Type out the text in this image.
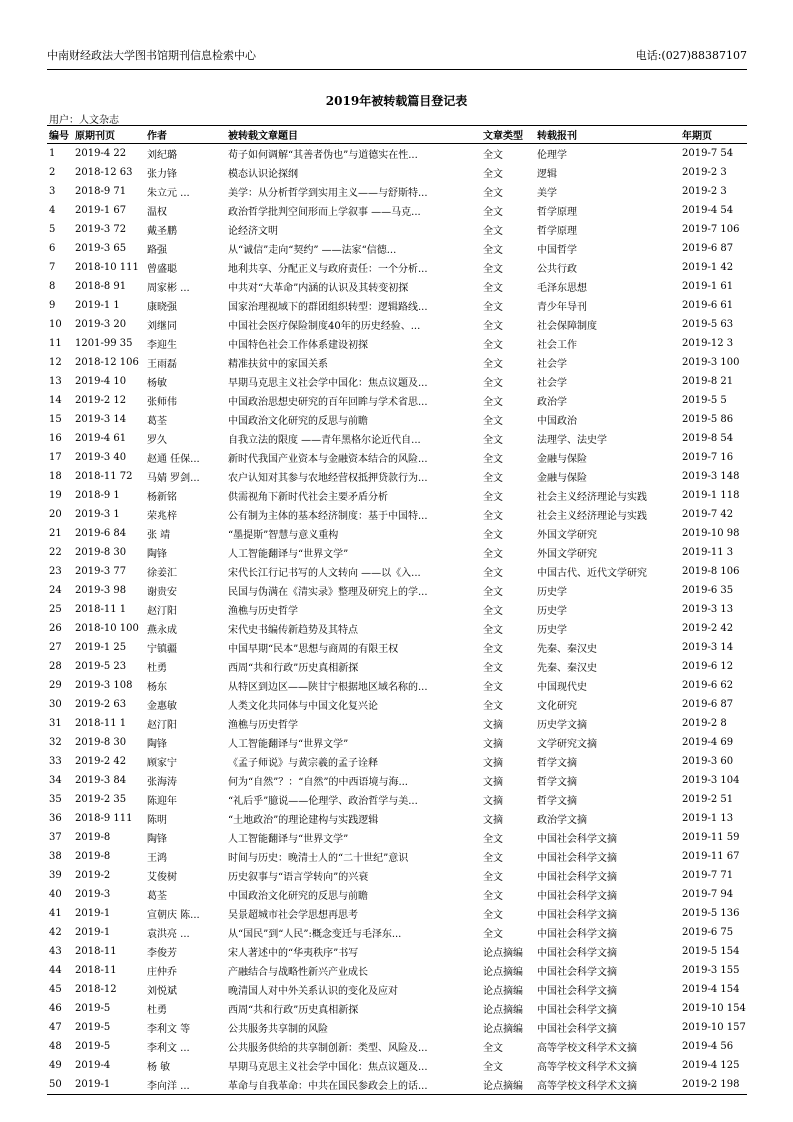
中南财经政法大学图书馆期刊信息检索中心	电话:(027)88387107
2019年被转载篇目登记表
用户：人文杂志
编号	原期刊页	作者	被转载文章题目	文章类型	转载报刊	年期页
1	2019-4 22	刘纪璐	荀子如何调解“其善者伪也”与道德实在性...	全文	伦理学	2019-7 54
2	2018-12 63	张力锋	模态认识论探纲	全文	逻辑	2019-2 3
3	2018-9 71	朱立元 ...	美学：从分析哲学到实用主义——与舒斯特...	全文	美学	2019-2 3
4	2019-1 67	温权	政治哲学批判空间形而上学叙事 ——马克...	全文	哲学原理	2019-4 54
5	2019-3 72	戴圣鹏	论经济文明	全文	哲学原理	2019-7 106
6	2019-3 65	路强	从“诚信”走向“契约” ——法家“信德...	全文	中国哲学	2019-6 87
7	2018-10 111	曾盛聪	地利共享、分配正义与政府责任：一个分析...	全文	公共行政	2019-1 42
8	2018-8 91	周家彬 ...	中共对“大革命”内涵的认识及其转变初探	全文	毛泽东思想	2019-1 61
9	2019-1 1	康晓强	国家治理视域下的群团组织转型：逻辑路线...	全文	青少年导刊	2019-6 61
10	2019-3 20	刘继同	中国社会医疗保险制度40年的历史经验、...	全文	社会保障制度	2019-5 63
11	1201-99 35	李迎生	中国特色社会工作体系建设初探	全文	社会工作	2019-12 3
12	2018-12 106	王雨磊	精准扶贫中的家国关系	全文	社会学	2019-3 100
13	2019-4 10	杨敏	早期马克思主义社会学中国化：焦点议题及...	全文	社会学	2019-8 21
14	2019-2 12	张师伟	中国政治思想史研究的百年回眸与学术省思...	全文	政治学	2019-5 5
15	2019-3 14	葛荃	中国政治文化研究的反思与前瞻	全文	中国政治	2019-5 86
16	2019-4 61	罗久	自我立法的限度 ——青年黑格尔论近代自...	全文	法理学、法史学	2019-8 54
17	2019-3 40	赵通 任保...	新时代我国产业资本与金融资本结合的风险...	全文	金融与保险	2019-7 16
18	2018-11 72	马婧 罗剑...	农户认知对其参与农地经营权抵押贷款行为...	全文	金融与保险	2019-3 148
19	2018-9 1	杨新铭	供需视角下新时代社会主要矛盾分析	全文	社会主义经济理论与实践	2019-1 118
20	2019-3 1	荣兆梓	公有制为主体的基本经济制度：基于中国特...	全文	社会主义经济理论与实践	2019-7 42
21	2019-6 84	张 靖	“墨提斯”智慧与意义重构	全文	外国文学研究	2019-10 98
22	2019-8 30	陶锋	人工智能翻译与“世界文学”	全文	外国文学研究	2019-11 3
23	2019-3 77	徐姜汇	宋代长江行记书写的人文转向 ——以《入...	全文	中国古代、近代文学研究	2019-8 106
24	2019-3 98	谢贵安	民国与伪满在《清实录》整理及研究上的学...	全文	历史学	2019-6 35
25	2018-11 1	赵汀阳	渔樵与历史哲学	全文	历史学	2019-3 13
26	2018-10 100	燕永成	宋代史书编传新趋势及其特点	全文	历史学	2019-2 42
27	2019-1 25	宁镇疆	中国早期“民本”思想与商周的有限王权	全文	先秦、秦汉史	2019-3 14
28	2019-5 23	杜勇	西周“共和行政”历史真相新探	全文	先秦、秦汉史	2019-6 12
29	2019-3 108	杨东	从特区到边区——陕甘宁根据地区域名称的...	全文	中国现代史	2019-6 62
30	2019-2 63	金惠敏	人类文化共同体与中国文化复兴论	全文	文化研究	2019-6 87
31	2018-11 1	赵汀阳	渔樵与历史哲学	文摘	历史学文摘	2019-2 8
32	2019-8 30	陶锋	人工智能翻译与“世界文学”	文摘	文学研究文摘	2019-4 69
33	2019-2 42	顾家宁	《孟子师说》与黄宗羲的孟子诠释	文摘	哲学文摘	2019-3 60
34	2019-3 84	张海涛	何为“自然”？：“自然”的中西语境与海...	文摘	哲学文摘	2019-3 104
35	2019-2 35	陈迎年	“礼后乎”臆说——伦理学、政治哲学与美...	文摘	哲学文摘	2019-2 51
36	2018-9 111	陈明	“土地政治”的理论建构与实践逻辑	文摘	政治学文摘	2019-1 13
37	2019-8	陶锋	人工智能翻译与“世界文学”	全文	中国社会科学文摘	2019-11 59
38	2019-8	王鸿	时间与历史：晚清士人的“二十世纪”意识	全文	中国社会科学文摘	2019-11 67
39	2019-2	艾俊树	历史叙事与“语言学转向”的兴衰	全文	中国社会科学文摘	2019-7 71
40	2019-3	葛荃	中国政治文化研究的反思与前瞻	全文	中国社会科学文摘	2019-7 94
41	2019-1	宣朝庆 陈...	吴景超城市社会学思想再思考	全文	中国社会科学文摘	2019-5 136
42	2019-1	袁洪亮 ...	从“国民”到“人民”:概念变迁与毛泽东...	全文	中国社会科学文摘	2019-6 75
43	2018-11	李俊芳	宋人著述中的“华夷秩序”书写	论点摘编	中国社会科学文摘	2019-5 154
44	2018-11	庄仲乔	产融结合与战略性新兴产业成长	论点摘编	中国社会科学文摘	2019-3 155
45	2018-12	刘悦斌	晚清国人对中外关系认识的变化及应对	论点摘编	中国社会科学文摘	2019-4 154
46	2019-5	杜勇	西周“共和行政”历史真相新探	论点摘编	中国社会科学文摘	2019-10 154
47	2019-5	李利文 等	公共服务共享制的风险	论点摘编	中国社会科学文摘	2019-10 157
48	2019-5	李利文 ...	公共服务供给的共享制创新：类型、风险及...	全文	高等学校文科学术文摘	2019-4 56
49	2019-4	杨 敏	早期马克思主义社会学中国化：焦点议题及...	全文	高等学校文科学术文摘	2019-4 125
50	2019-1	李向洋 ...	革命与自我革命：中共在国民参政会上的话...	论点摘编	高等学校文科学术文摘	2019-2 198
